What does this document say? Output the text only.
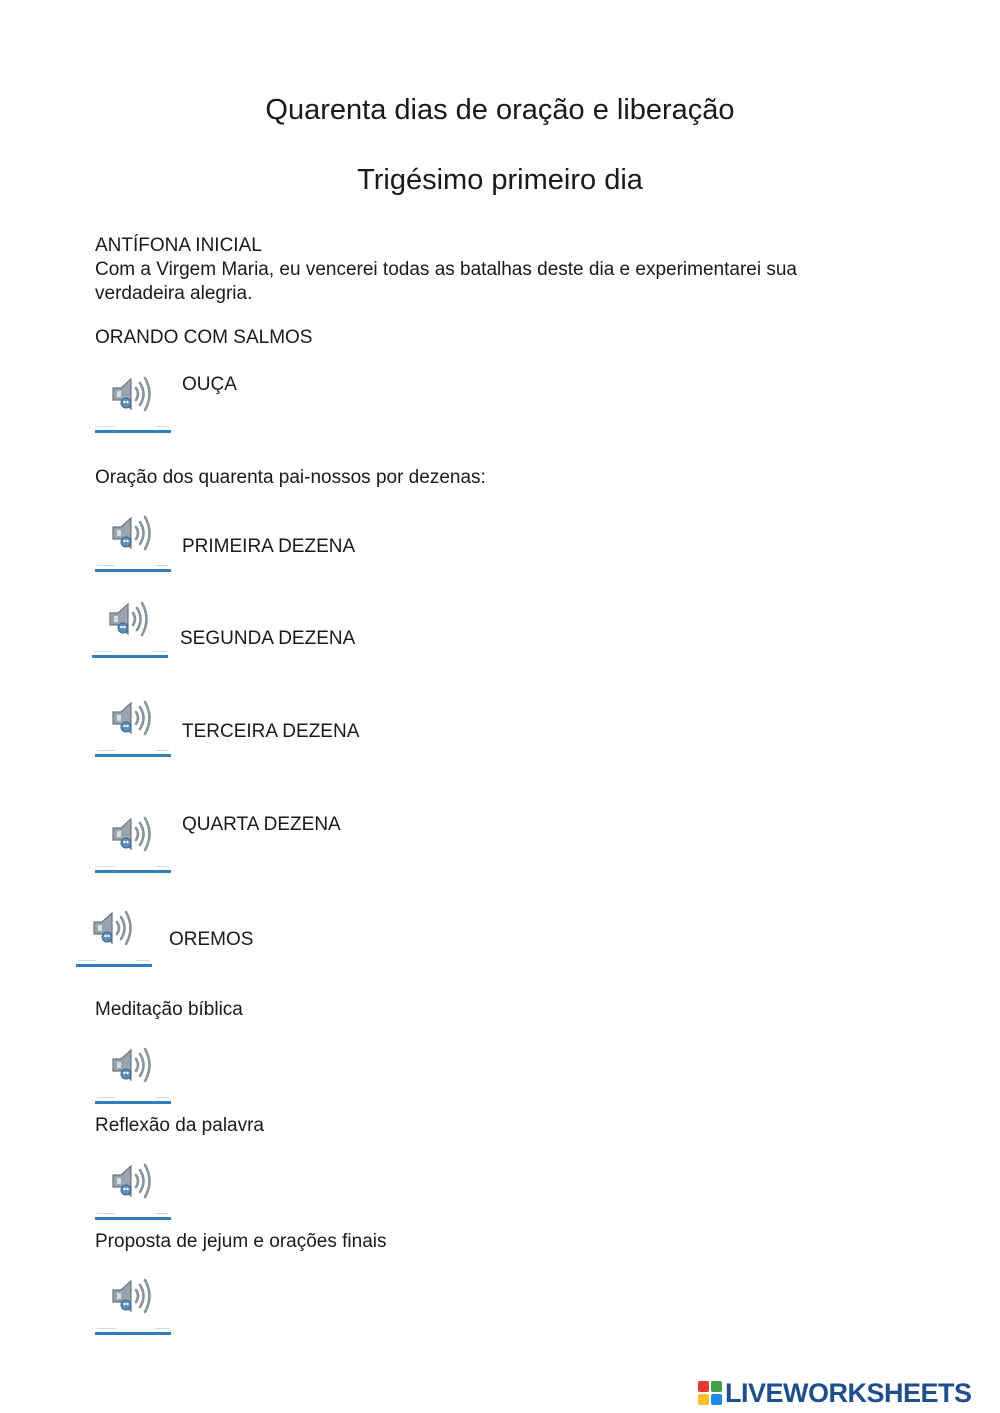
Quarenta dias de oração e liberação
Trigésimo primeiro dia
ANTÍFONA INICIAL
Com a Virgem Maria, eu vencerei todas as batalhas deste dia e experimentarei sua
verdadeira alegria.
ORANDO COM SALMOS
OUÇA
Oração dos quarenta pai-nossos por dezenas:
PRIMEIRA DEZENA
SEGUNDA DEZENA
TERCEIRA DEZENA
QUARTA DEZENA
OREMOS
Meditação bíblica
Reflexão da palavra
Proposta de jejum e orações finais
LIVEWORKSHEETS
